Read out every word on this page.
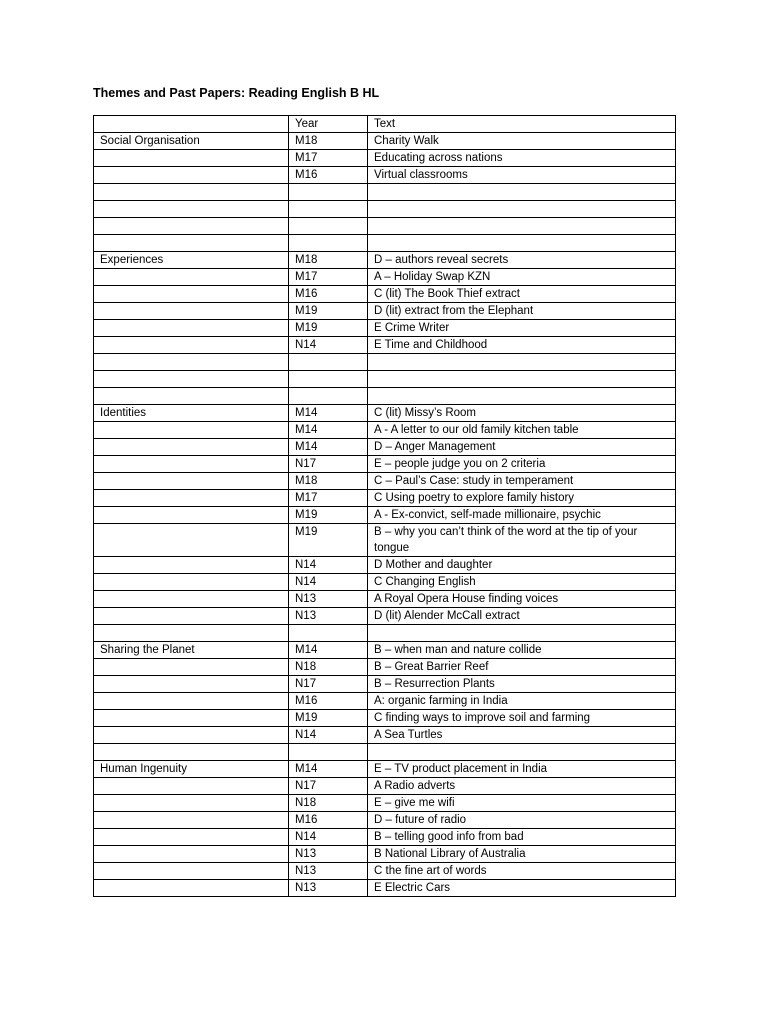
Themes and Past Papers: Reading English B HL
	Year	Text
Social Organisation	M18	Charity Walk
	M17	Educating across nations
	M16	Virtual classrooms

Experiences	M18	D – authors reveal secrets
	M17	A – Holiday Swap KZN
	M16	C (lit) The Book Thief extract
	M19	D (lit) extract from the Elephant
	M19	E Crime Writer
	N14	E Time and Childhood

Identities	M14	C (lit) Missy’s Room
	M14	A - A letter to our old family kitchen table
	M14	D – Anger Management
	N17	E – people judge you on 2 criteria
	M18	C – Paul’s Case: study in temperament
	M17	C Using poetry to explore family history
	M19	A - Ex-convict, self-made millionaire, psychic
	M19	B – why you can’t think of the word at the tip of your tongue
	N14	D Mother and daughter
	N14	C Changing English
	N13	A Royal Opera House finding voices
	N13	D (lit) Alender McCall extract

Sharing the Planet	M14	B – when man and nature collide
	N18	B – Great Barrier Reef
	N17	B – Resurrection Plants
	M16	A: organic farming in India
	M19	C finding ways to improve soil and farming
	N14	A Sea Turtles

Human Ingenuity	M14	E – TV product placement in India
	N17	A Radio adverts
	N18	E – give me wifi
	M16	D – future of radio
	N14	B – telling good info from bad
	N13	B National Library of Australia
	N13	C the fine art of words
	N13	E Electric Cars
